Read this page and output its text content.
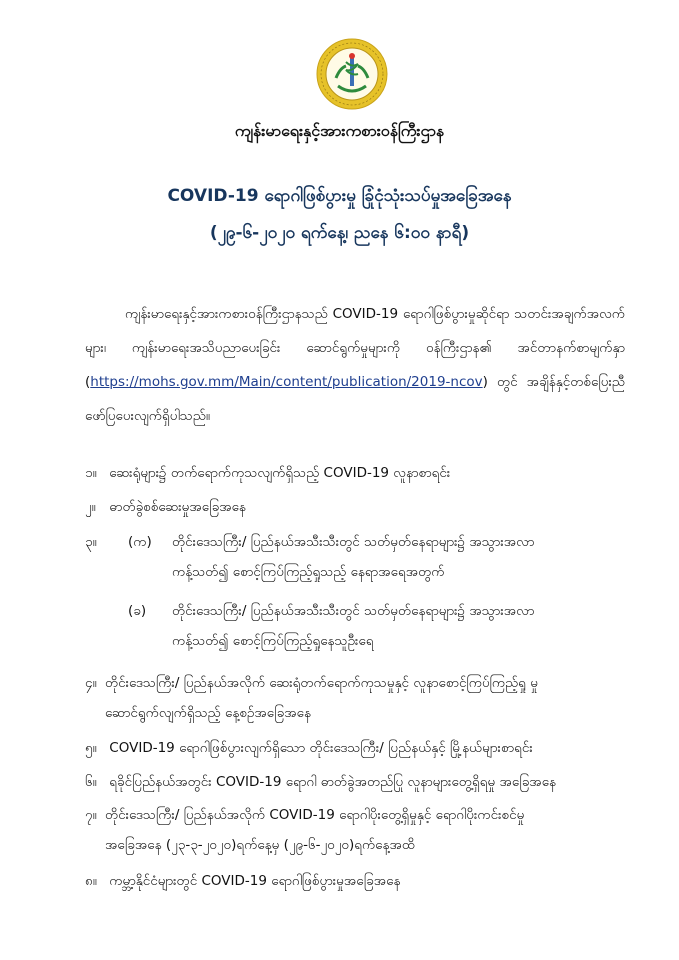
ကျန်းမာရေးနှင့်အားကစားဝန်ကြီးဌာန
COVID-19 ရောဂါဖြစ်ပွားမှု ခြုံငုံသုံးသပ်မှုအခြေအနေ
(၂၉-၆-၂၀၂၀ ရက်နေ့၊ ညနေ ၆:၀၀ နာရီ)
ကျန်းမာရေးနှင့်အားကစားဝန်ကြီးဌာနသည် COVID-19 ရောဂါဖြစ်ပွားမှုဆိုင်ရာ သတင်းအချက်အလက်များ၊ ကျန်းမာရေးအသိပညာပေးခြင်း ဆောင်ရွက်မှုများကို ဝန်ကြီးဌာန၏ အင်တာနက်စာမျက်နှာ (https://mohs.gov.mm/Main/content/publication/2019-ncov) တွင် အချိန်နှင့်တစ်ပြေးညီ ဖော်ပြပေးလျက်ရှိပါသည်။
၁။ ဆေးရုံများ၌ တက်ရောက်ကုသလျက်ရှိသည့် COVID-19 လူနာစာရင်း
၂။ ဓာတ်ခွဲစစ်ဆေးမှုအခြေအနေ
၃။ (က) တိုင်းဒေသကြီး/ ပြည်နယ်အသီးသီးတွင် သတ်မှတ်နေရာများ၌ အသွားအလာ
ကန့်သတ်၍ စောင့်ကြပ်ကြည့်ရှုသည့် နေရာအရေအတွက်
(ခ) တိုင်းဒေသကြီး/ ပြည်နယ်အသီးသီးတွင် သတ်မှတ်နေရာများ၌ အသွားအလာ
ကန့်သတ်၍ စောင့်ကြပ်ကြည့်ရှုနေသူဦးရေ
၄။ တိုင်းဒေသကြီး/ ပြည်နယ်အလိုက် ဆေးရုံတက်ရောက်ကုသမှုနှင့် လူနာစောင့်ကြပ်ကြည့်ရှု မှု
ဆောင်ရွက်လျက်ရှိသည့် နေ့စဉ်အခြေအနေ
၅။ COVID-19 ရောဂါဖြစ်ပွားလျက်ရှိသော တိုင်းဒေသကြီး/ ပြည်နယ်နှင့် မြို့နယ်များစာရင်း
၆။ ရခိုင်ပြည်နယ်အတွင်း COVID-19 ရောဂါ ဓာတ်ခွဲအတည်ပြု လူနာများတွေ့ရှိရမှု အခြေအနေ
၇။ တိုင်းဒေသကြီး/ ပြည်နယ်အလိုက် COVID-19 ရောဂါပိုးတွေ့ရှိမှုနှင့် ရောဂါပိုးကင်းစင်မှု
အခြေအနေ (၂၃-၃-၂၀၂၀)ရက်နေ့မှ (၂၉-၆-၂၀၂၀)ရက်နေ့အထိ
၈။ ကမ္ဘာ့နိုင်ငံများတွင် COVID-19 ရောဂါဖြစ်ပွားမှုအခြေအနေ
